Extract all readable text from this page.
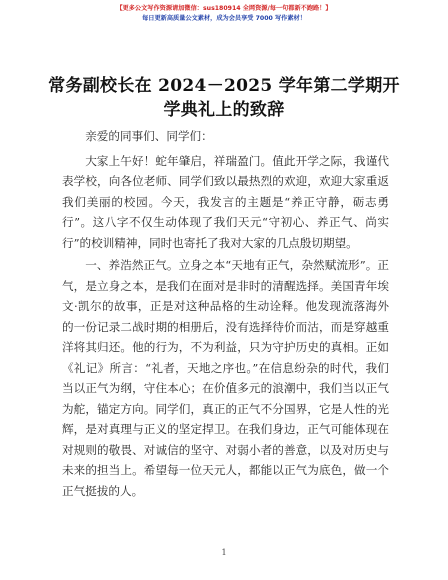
【更多公文写作资源请加微信：sus180914 全网资源/每一句都新不跑路！】
每日更新高质量公文素材，成为会员享受 7000 写作素材！
常务副校长在 2024－2025 学年第二学期开学典礼上的致辞

亲爱的同事们、同学们：

大家上午好！蛇年肇启，祥瑞盈门。值此开学之际，我谨代表学校，向各位老师、同学们致以最热烈的欢迎，欢迎大家重返我们美丽的校园。今天，我发言的主题是“养正守静，砺志勇行”。这八字不仅生动体现了我们天元“守初心、养正气、尚实行”的校训精神，同时也寄托了我对大家的几点殷切期望。

一、养浩然正气。立身之本“天地有正气，杂然赋流形”。正气，是立身之本，是我们在面对是非时的清醒选择。美国青年埃文·凯尔的故事，正是对这种品格的生动诠释。他发现流落海外的一份记录二战时期的相册后，没有选择待价而沽，而是穿越重洋将其归还。他的行为，不为利益，只为守护历史的真相。正如《礼记》所言：“礼者，天地之序也。”在信息纷杂的时代，我们当以正气为纲，守住本心；在价值多元的浪潮中，我们当以正气为舵，锚定方向。同学们，真正的正气不分国界，它是人性的光辉，是对真理与正义的坚定捍卫。在我们身边，正气可能体现在对规则的敬畏、对诚信的坚守、对弱小者的善意，以及对历史与未来的担当上。希望每一位天元人，都能以正气为底色，做一个正气挺拔的人。

1
